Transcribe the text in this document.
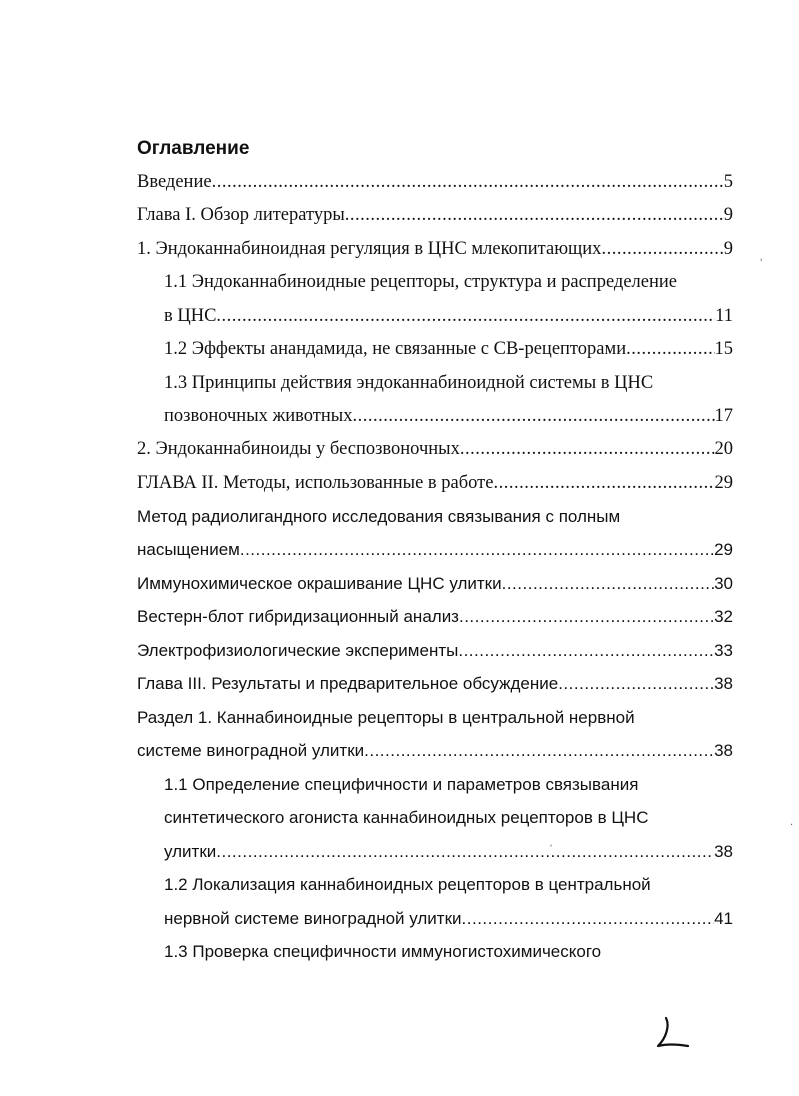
Оглавление
Введение .....	5
Глава I. Обзор литературы .....	9
1. Эндоканнабиноидная регуляция в ЦНС млекопитающих .....	9
1.1 Эндоканнабиноидные рецепторы, структура и распределение
в ЦНС .....	11
1.2 Эффекты анандамида, не связанные с CB-рецепторами .....	15
1.3 Принципы действия эндоканнабиноидной системы в ЦНС
позвоночных животных .....	17
2. Эндоканнабиноиды у беспозвоночных .....	20
ГЛАВА II. Методы, использованные в работе .....	29
Метод радиолигандного исследования связывания с полным
насыщением .....	29
Иммунохимическое окрашивание ЦНС улитки .....	30
Вестерн-блот гибридизационный анализ .....	32
Электрофизиологические эксперименты .....	33
Глава III. Результаты и предварительное обсуждение .....	38
Раздел 1. Каннабиноидные рецепторы в центральной нервной
системе виноградной улитки .....	38
1.1 Определение специфичности и параметров связывания
синтетического агониста каннабиноидных рецепторов в ЦНС
улитки .....	38
1.2 Локализация каннабиноидных рецепторов в центральной
нервной системе виноградной улитки .....	41
1.3 Проверка специфичности иммуногистохимического
ʾ
·
ˏ
